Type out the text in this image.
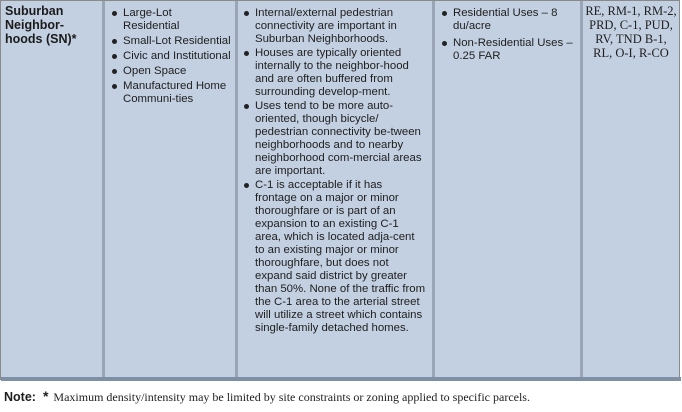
Suburban Neighbor-hoods (SN)*
Large-Lot Residential
Small-Lot Residential
Civic and Institutional
Open Space
Manufactured Home Communi-ties
Internal/external pedestrian connectivity are important in Suburban Neighborhoods.
Houses are typically oriented internally to the neighbor-hood and are often buffered from surrounding develop-ment.
Uses tend to be more auto-oriented, though bicycle/ pedestrian connectivity be-tween neighborhoods and to nearby neighborhood com-mercial areas are important.
C-1 is acceptable if it has frontage on a major or minor thoroughfare or is part of an expansion to an existing C-1 area, which is located adja-cent to an existing major or minor thoroughfare, but does not expand said district by greater than 50%. None of the traffic from the C-1 area to the arterial street will utilize a street which contains single-family detached homes.
Residential Uses – 8 du/acre
Non-Residential Uses – 0.25 FAR
RE, RM-1, RM-2, PRD, C-1, PUD, RV, TND B-1, RL, O-I, R-CO
Note: * Maximum density/intensity may be limited by site constraints or zoning applied to specific parcels.
